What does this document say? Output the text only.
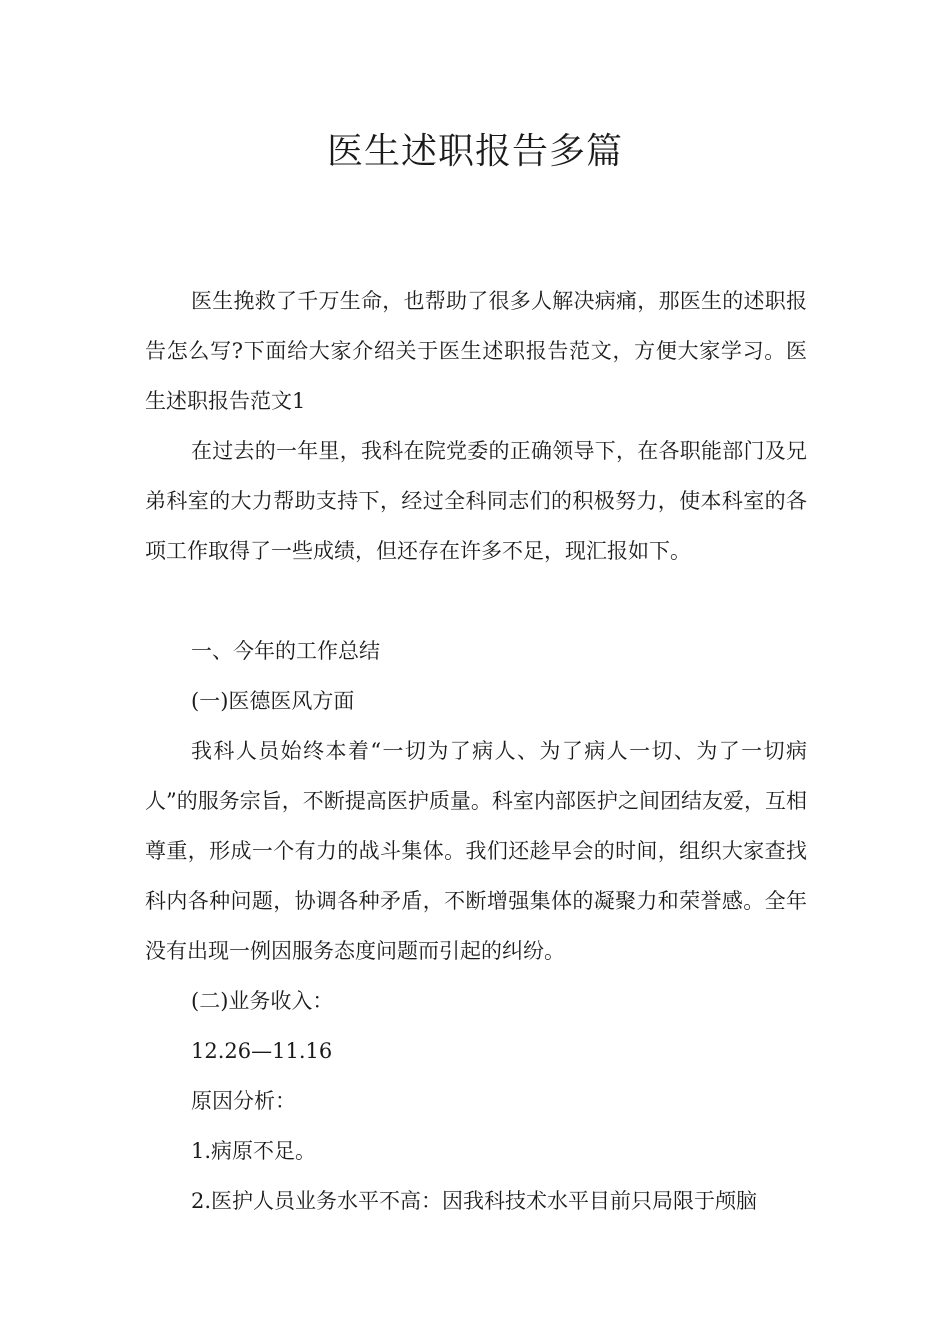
医生述职报告多篇

医生挽救了千万生命，也帮助了很多人解决病痛，那医生的述职报告怎么写?下面给大家介绍关于医生述职报告范文，方便大家学习。医生述职报告范文1

在过去的一年里，我科在院党委的正确领导下，在各职能部门及兄弟科室的大力帮助支持下，经过全科同志们的积极努力，使本科室的各项工作取得了一些成绩，但还存在许多不足，现汇报如下。

一、今年的工作总结

(一)医德医风方面

我科人员始终本着“一切为了病人、为了病人一切、为了一切病人”的服务宗旨，不断提高医护质量。科室内部医护之间团结友爱，互相尊重，形成一个有力的战斗集体。我们还趁早会的时间，组织大家查找科内各种问题，协调各种矛盾，不断增强集体的凝聚力和荣誉感。全年没有出现一例因服务态度问题而引起的纠纷。

(二)业务收入：

12.26—11.16

原因分析：

1.病原不足。

2.医护人员业务水平不高：因我科技术水平目前只局限于颅脑
